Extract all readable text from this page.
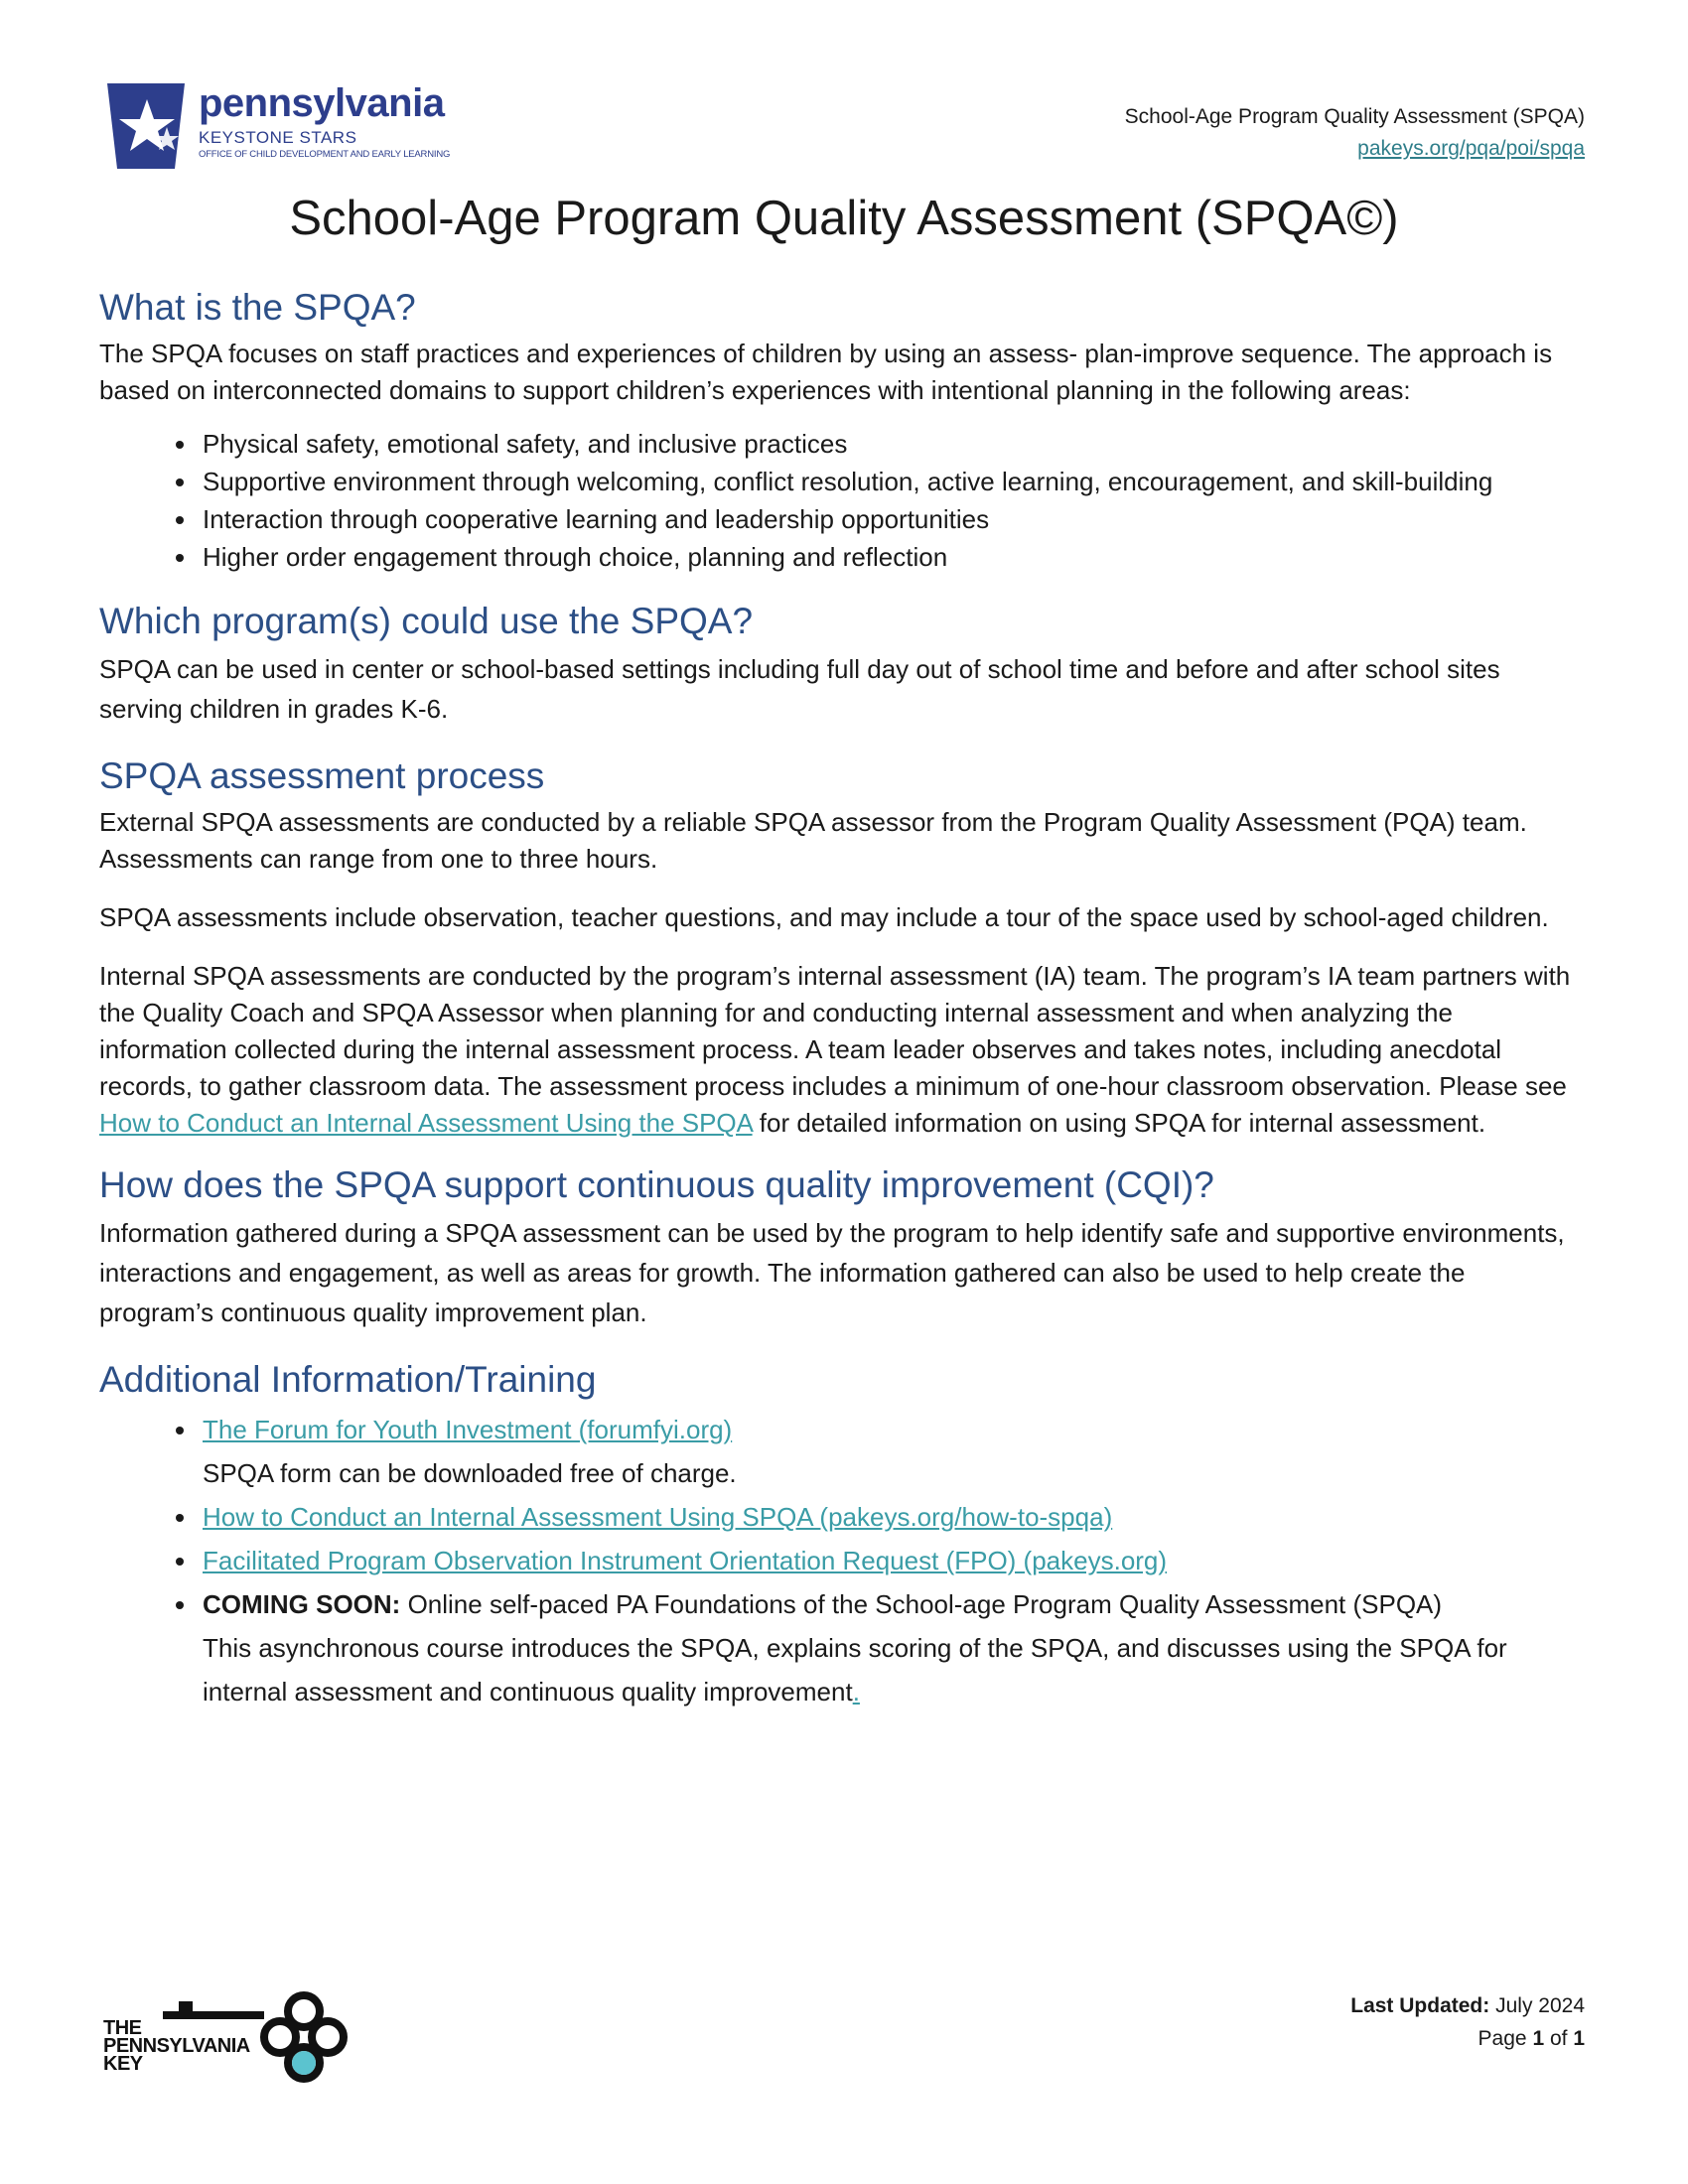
pennsylvania
KEYSTONE STARS
OFFICE OF CHILD DEVELOPMENT AND EARLY LEARNING
School-Age Program Quality Assessment (SPQA)
pakeys.org/pqa/poi/spqa
School-Age Program Quality Assessment (SPQA©)
What is the SPQA?

The SPQA focuses on staff practices and experiences of children by using an assess- plan-improve sequence. The approach is based on interconnected domains to support children’s experiences with intentional planning in the following areas:

• Physical safety, emotional safety, and inclusive practices
• Supportive environment through welcoming, conflict resolution, active learning, encouragement, and skill-building
• Interaction through cooperative learning and leadership opportunities
• Higher order engagement through choice, planning and reflection
Which program(s) could use the SPQA?

SPQA can be used in center or school-based settings including full day out of school time and before and after school sites serving children in grades K-6.

SPQA assessment process

External SPQA assessments are conducted by a reliable SPQA assessor from the Program Quality Assessment (PQA) team. Assessments can range from one to three hours.

SPQA assessments include observation, teacher questions, and may include a tour of the space used by school-aged children.

Internal SPQA assessments are conducted by the program’s internal assessment (IA) team. The program’s IA team partners with the Quality Coach and SPQA Assessor when planning for and conducting internal assessment and when analyzing the information collected during the internal assessment process. A team leader observes and takes notes, including anecdotal records, to gather classroom data. The assessment process includes a minimum of one-hour classroom observation. Please see How to Conduct an Internal Assessment Using the SPQA for detailed information on using SPQA for internal assessment.

How does the SPQA support continuous quality improvement (CQI)?

Information gathered during a SPQA assessment can be used by the program to help identify safe and supportive environments, interactions and engagement, as well as areas for growth. The information gathered can also be used to help create the program’s continuous quality improvement plan.

Additional Information/Training
• The Forum for Youth Investment (forumfyi.org)
SPQA form can be downloaded free of charge.
• How to Conduct an Internal Assessment Using SPQA (pakeys.org/how-to-spqa)
• Facilitated Program Observation Instrument Orientation Request (FPO) (pakeys.org)
• COMING SOON: Online self-paced PA Foundations of the School-age Program Quality Assessment (SPQA)
This asynchronous course introduces the SPQA, explains scoring of the SPQA, and discusses using the SPQA for internal assessment and continuous quality improvement.
THE
PENNSYLVANIA
KEY
Last Updated: July 2024
Page 1 of 1
